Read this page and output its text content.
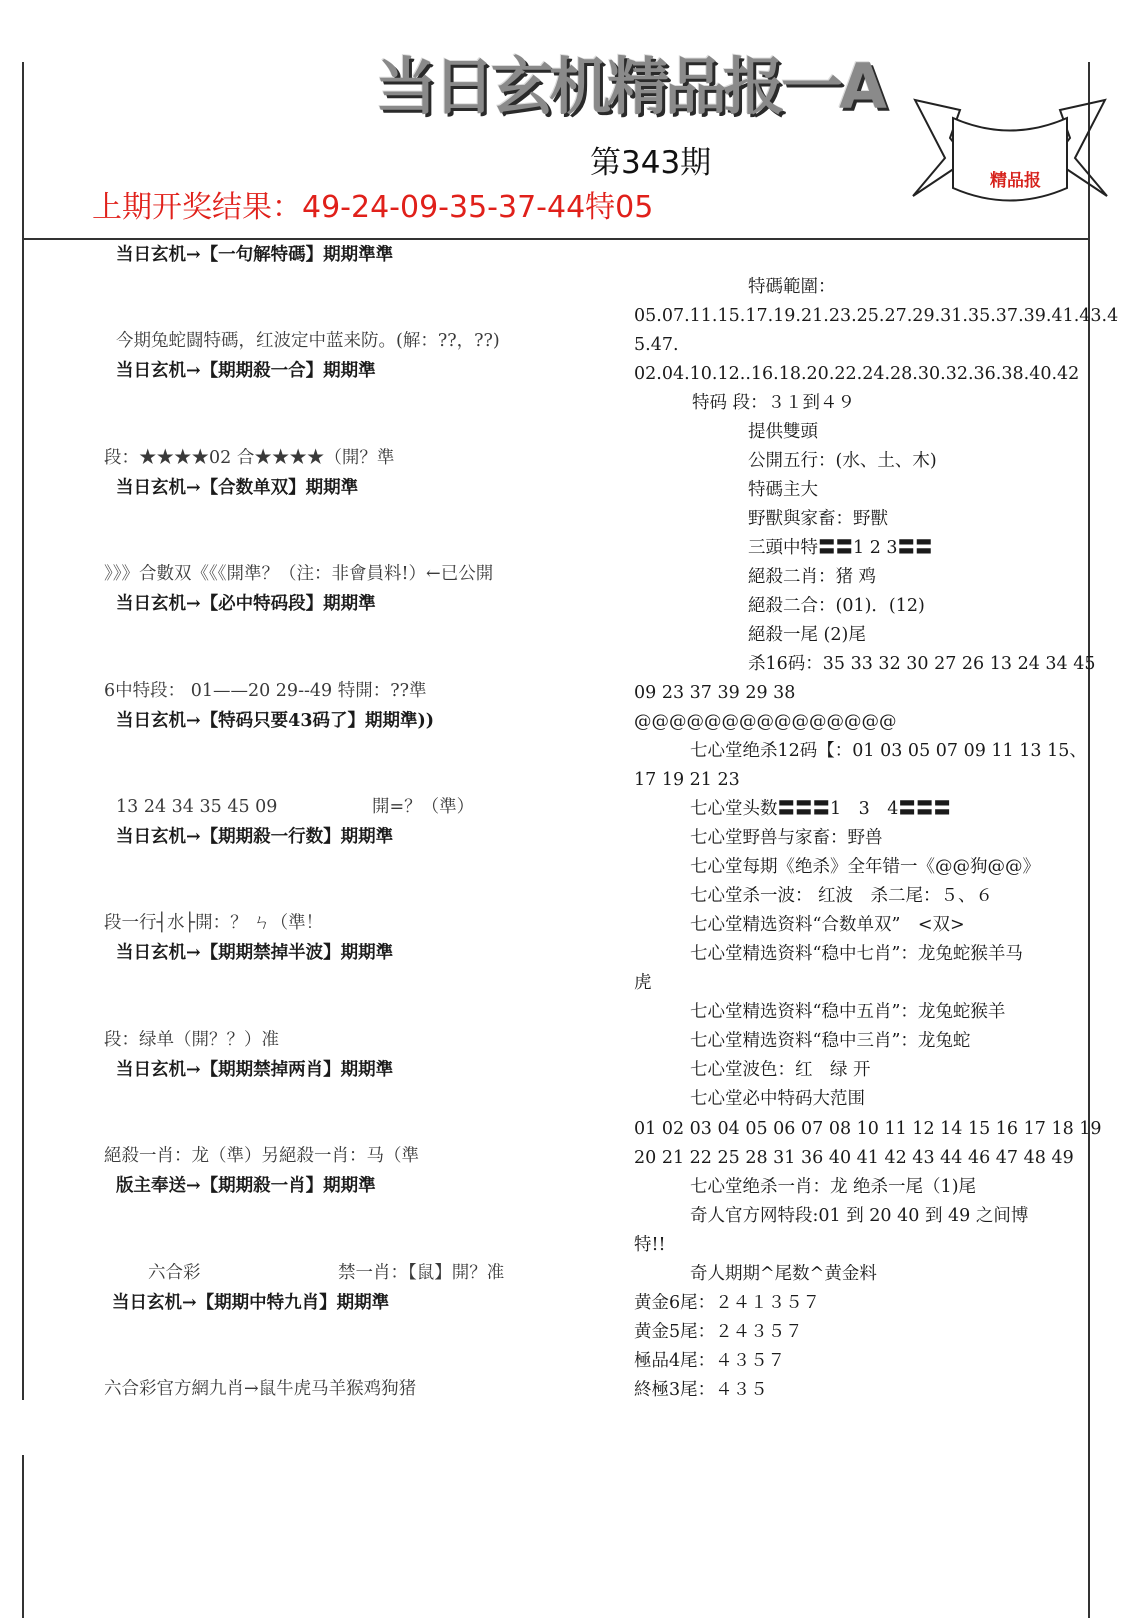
当日玄机精品报一A
第343期
上期开奖结果：49-24-09-35-37-44特05
精品报
当日玄机→【一句解特碼】期期準準
今期兔蛇闘特碼，红波定中蓝来防。(解：??，??)
当日玄机→【期期殺一合】期期準
段：★★★★02 合★★★★（開？準
当日玄机→【合数单双】期期準
》》》合數双《《《開準？（注：非會員料!）←已公開
当日玄机→【必中特码段】期期準
6中特段： 01——20 29--49 特開：??準
当日玄机→【特码只要43码了】期期準))
13 24 34 35 45 09	開=？（準）
当日玄机→【期期殺一行数】期期準
段一行┤水├開：？ ㄣ（準！
当日玄机→【期期禁掉半波】期期準
段：绿单（開？？）准
当日玄机→【期期禁掉两肖】期期準
絕殺一肖：龙（準）另絕殺一肖：马（準
版主奉送→【期期殺一肖】期期準
六合彩	禁一肖：【鼠】開？准
当日玄机→【期期中特九肖】期期準
六合彩官方網九肖→鼠牛虎马羊猴鸡狗猪
特碼範圍：
05.07.11.15.17.19.21.23.25.27.29.31.35.37.39.41.43.4
5.47.
02.04.10.12..16.18.20.22.24.28.30.32.36.38.40.42
特码 段：３１到４９
提供雙頭
公開五行：(水、土、木)
特碼主大
野獸與家畜：野獸
三頭中特〓〓1 2 3〓〓
絕殺二肖：猪 鸡
絕殺二合：(01)．(12)
絕殺一尾 (2)尾
杀16码：35 33 32 30 27 26 13 24 34 45
09 23 37 39 29 38
@@@@@@@@@@@@@@@
七心堂绝杀12码【：01 03 05 07 09 11 13 15、
17 19 21 23
七心堂头数〓〓〓1　3　4〓〓〓
七心堂野兽与家畜：野兽
七心堂每期《绝杀》全年错一《@@狗@@》
七心堂杀一波： 红波　杀二尾：５、６
七心堂精选资料“合数单双”　<双>
七心堂精选资料“稳中七肖”：龙兔蛇猴羊马
虎
七心堂精选资料“稳中五肖”：龙兔蛇猴羊
七心堂精选资料“稳中三肖”：龙兔蛇
七心堂波色：红　绿 开
七心堂必中特码大范围
01 02 03 04 05 06 07 08 10 11 12 14 15 16 17 18 19
20 21 22 25 28 31 36 40 41 42 43 44 46 47 48 49
七心堂绝杀一肖：龙 绝杀一尾（1)尾
奇人官方网特段:01 到 20 40 到 49 之间博
特!!
奇人期期^尾数^黄金料
黄金6尾：２４１３５７
黄金5尾：２４３５７
極品4尾：４３５７
終極3尾：４３５
